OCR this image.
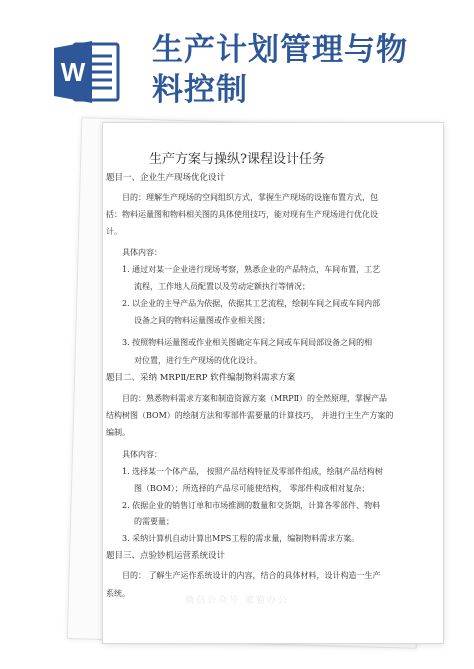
W
生产计划管理与物
料控制
生产方案与操纵?课程设计任务
题目一、企业生产现场优化设计
目的：理解生产现场的空间组织方式，掌握生产现场的设施布置方式，包
括：物料运量图和物料相关图的具体使用技巧，能对现有生产现场进行优化设
计。
具体内容：
1. 通过对某一企业进行现场考察，熟悉企业的产品特点，车间布置，工艺
流程，工作地人员配置以及劳动定额执行等情况；
2. 以企业的主导产品为依据，依据其工艺流程，绘制车间之间或车间内部
设备之间的物料运量图或作业相关图；
3. 按照物料运量图或作业相关图确定车间之间或车间局部设备之间的相
对位置，进行生产现场的优化设计。
题目二、采纳 MRPⅡ/ERP 软件编制物料需求方案
目的：熟悉物料需求方案和制造资源方案（MRPⅡ）的全然原理，掌握产品
结构树图（BOM）的绘制方法和零部件需要量的计算技巧， 并进行主生产方案的
编制。
具体内容：
1. 选择某一个体产品， 按照产品结构特征及零部件组成，绘制产品结构树
图（BOM）；所选择的产品尽可能使结构， 零部件构成相对复杂；
2. 依据企业的销售订单和市场推测的数量和交货期，计算各零部件、物料
的需要量；
3. 采纳计算机自动计算出MPS工程的需求量，编制物料需求方案。
题目三、点验钞机运营系统设计
目的： 了解生产运作系统设计的内容，结合的具体材料，设计构造一生产
系统。
微信公众号 熊猫办公
